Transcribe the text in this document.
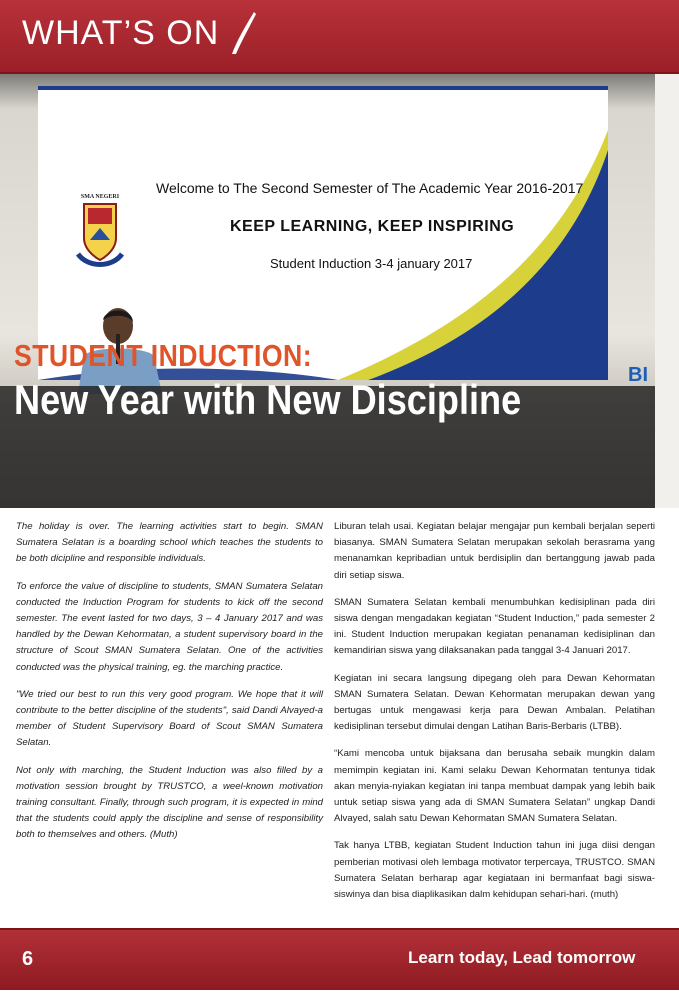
WHAT’S ON
SMA NEGERI
Welcome to The Second Semester of The Academic Year 2016-2017
KEEP LEARNING, KEEP INSPIRING
Student Induction 3-4 january 2017
BI
STUDENT INDUCTION:
New Year with New Discipline

The holiday is over. The learning activities start to begin. SMAN Sumatera Selatan is a boarding school which teaches the students to be both dicipline and responsible individuals.

To enforce the value of discipline to students, SMAN Sumatera Selatan conducted the Induction Program for students to kick off the second semester. The event lasted for two days, 3 – 4 January 2017 and was handled by the Dewan Kehormatan, a student supervisory board in the structure of Scout SMAN Sumatera Selatan. One of the activities conducted was the physical training, eg. the marching practice.

"We tried our best to run this very good program. We hope that it will contribute to the better discipline of the students", said Dandi Alvayed-a member of Student Supervisory Board of Scout SMAN Sumatera Selatan.

Not only with marching, the Student Induction was also filled by a motivation session brought by TRUSTCO, a weel-known motivation training consultant. Finally, through such program, it is expected in mind that the students could apply the discipline and sense of responsibility both to themselves and others. (Muth)

Liburan telah usai. Kegiatan belajar mengajar pun kembali berjalan seperti biasanya. SMAN Sumatera Selatan merupakan sekolah berasrama yang menanamkan kepribadian untuk berdisiplin dan bertanggung jawab pada diri setiap siswa.

SMAN Sumatera Selatan kembali menumbuhkan kedisiplinan pada diri siswa dengan mengadakan kegiatan “Student Induction,” pada semester 2 ini. Student Induction merupakan kegiatan penanaman kedisiplinan dan kemandirian siswa yang dilaksanakan pada tanggal 3-4 Januari 2017.

Kegiatan ini secara langsung dipegang oleh para Dewan Kehormatan SMAN Sumatera Selatan. Dewan Kehormatan merupakan dewan yang bertugas untuk mengawasi kerja para Dewan Ambalan. Pelatihan kedisiplinan tersebut dimulai dengan Latihan Baris-Berbaris (LTBB).

“Kami mencoba untuk bijaksana dan berusaha sebaik mungkin dalam memimpin kegiatan ini. Kami selaku Dewan Kehormatan tentunya tidak akan menyia-nyiakan kegiatan ini tanpa membuat dampak yang lebih baik untuk setiap siswa yang ada di SMAN Sumatera Selatan” ungkap Dandi Alvayed, salah satu Dewan Kehormatan SMAN Sumatera Selatan.

Tak hanya LTBB, kegiatan Student Induction tahun ini juga diisi dengan pemberian motivasi oleh lembaga motivator terpercaya, TRUSTCO. SMAN Sumatera Selatan berharap agar kegiataan ini bermanfaat bagi siswa-siswinya dan bisa diaplikasikan dalm kehidupan sehari-hari. (muth)

6	Learn today, Lead tomorrow
